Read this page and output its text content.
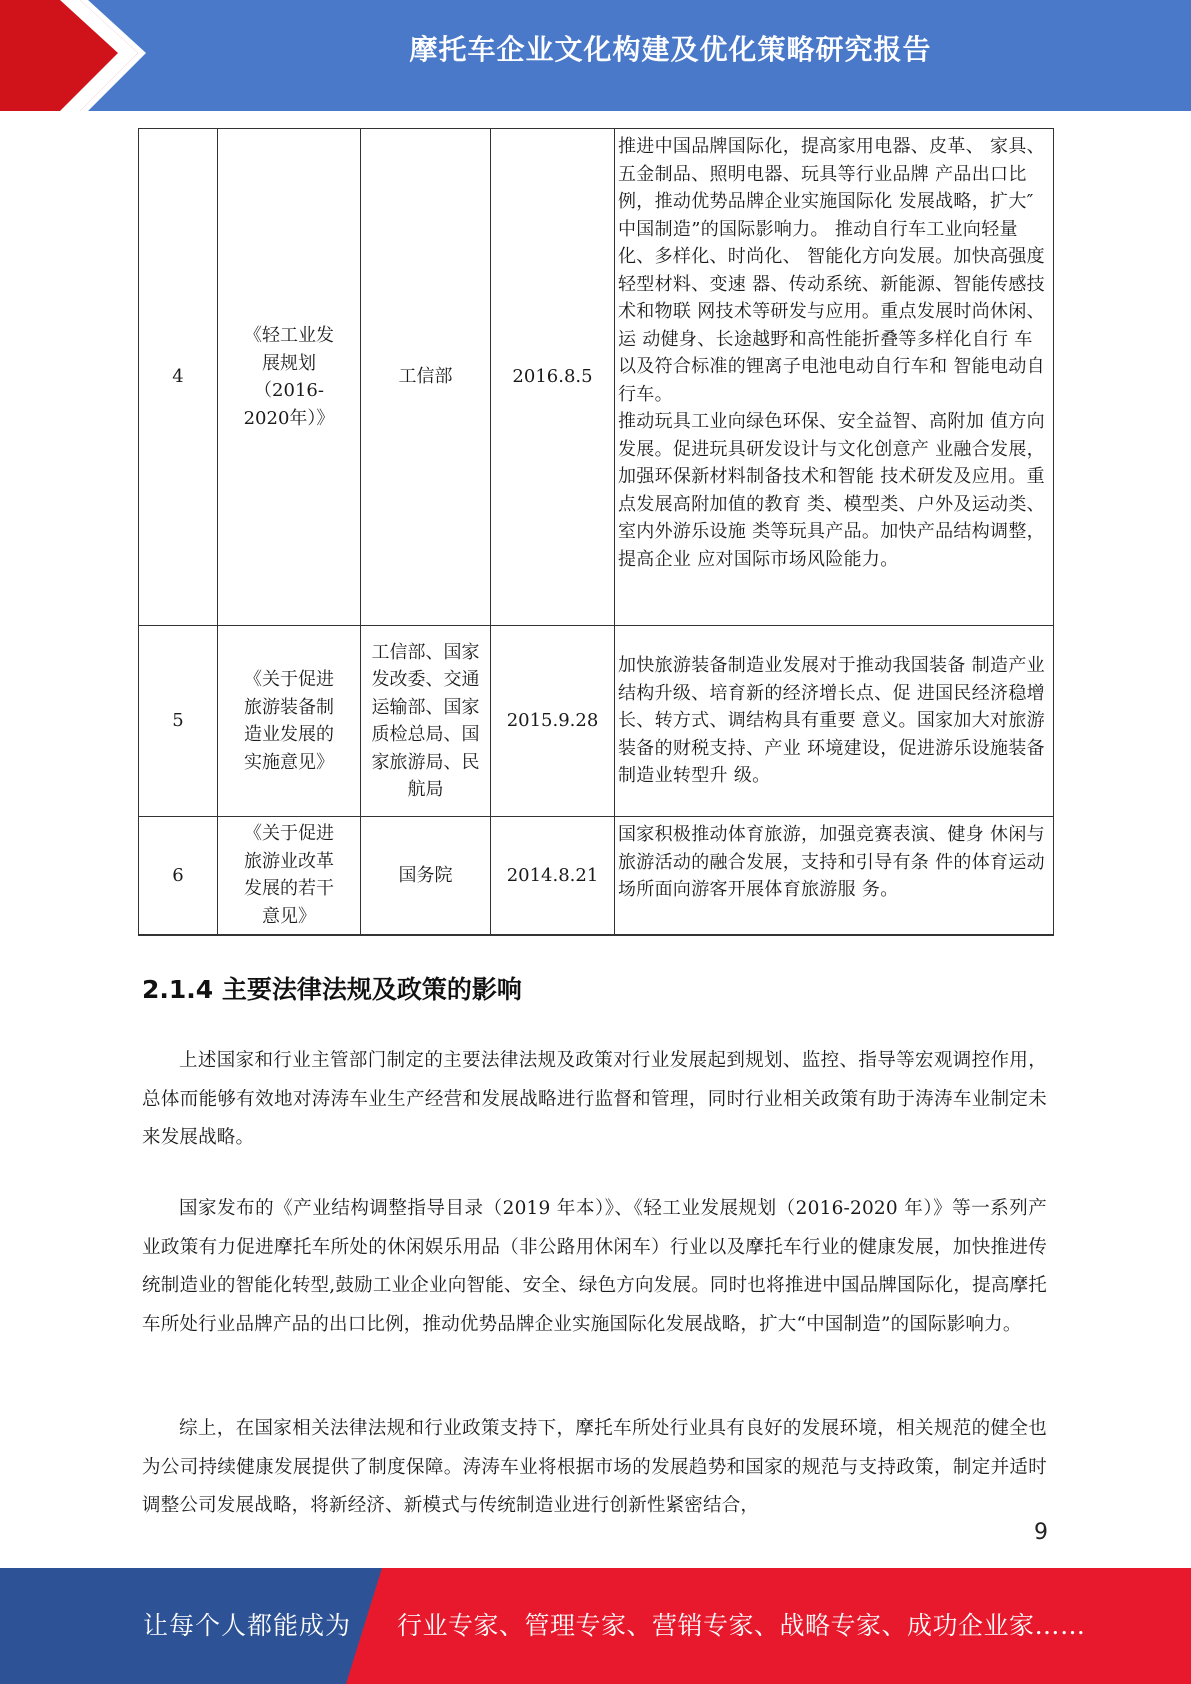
摩托车企业文化构建及优化策略研究报告
4	《轻工业发 展规划（2016-2020年）》	工信部	2016.8.5	推进中国品牌国际化，提高家用电器、皮革、 家具、五金制品、照明电器、玩具等行业品牌 产品出口比例，推动优势品牌企业实施国际化 发展战略，扩大″中国制造”的国际影响力。 推动自行车工业向轻量化、多样化、时尚化、 智能化方向发展。加快高强度轻型材料、变速 器、传动系统、新能源、智能传感技术和物联 网技术等研发与应用。重点发展时尚休闲、运 动健身、长途越野和高性能折叠等多样化自行 车以及符合标准的锂离子电池电动自行车和 智能电动自行车。
推动玩具工业向绿色环保、安全益智、高附加 值方向发展。促进玩具研发设计与文化创意产 业融合发展，加强环保新材料制备技术和智能 技术研发及应用。重点发展高附加值的教育 类、模型类、户外及运动类、室内外游乐设施 类等玩具产品。加快产品结构调整，提高企业 应对国际市场风险能力。

5	《关于促进旅游装备制造业发展的实施意见》	工信部、国家发改委、交通运输部、国家质检总局、国家旅游局、民航局	2015.9.28	加快旅游装备制造业发展对于推动我国装备 制造产业结构升级、培育新的经济增长点、促 进国民经济稳增长、转方式、调结构具有重要 意义。国家加大对旅游装备的财税支持、产业 环境建设，促进游乐设施装备制造业转型升 级。

6	《关于促进 旅游业改革 发展的若干 意见》	国务院	2014.8.21	国家积极推动体育旅游，加强竞赛表演、健身 休闲与旅游活动的融合发展，支持和引导有条 件的体育运动场所面向游客开展体育旅游服 务。
2.1.4 主要法律法规及政策的影响

上述国家和行业主管部门制定的主要法律法规及政策对行业发展起到规划、监控、指导等宏观调控作用，总体而能够有效地对涛涛车业生产经营和发展战略进行监督和管理，同时行业相关政策有助于涛涛车业制定未来发展战略。

国家发布的《产业结构调整指导目录（2019 年本）》、《轻工业发展规划（2016-2020 年）》等一系列产业政策有力促进摩托车所处的休闲娱乐用品（非公路用休闲车）行业以及摩托车行业的健康发展，加快推进传统制造业的智能化转型,鼓励工业企业向智能、安全、绿色方向发展。同时也将推进中国品牌国际化，提高摩托车所处行业品牌产品的出口比例，推动优势品牌企业实施国际化发展战略，扩大“中国制造”的国际影响力。

综上，在国家相关法律法规和行业政策支持下，摩托车所处行业具有良好的发展环境，相关规范的健全也为公司持续健康发展提供了制度保障。涛涛车业将根据市场的发展趋势和国家的规范与支持政策，制定并适时调整公司发展战略，将新经济、新模式与传统制造业进行创新性紧密结合，

9
让每个人都能成为 行业专家、管理专家、营销专家、战略专家、成功企业家……
